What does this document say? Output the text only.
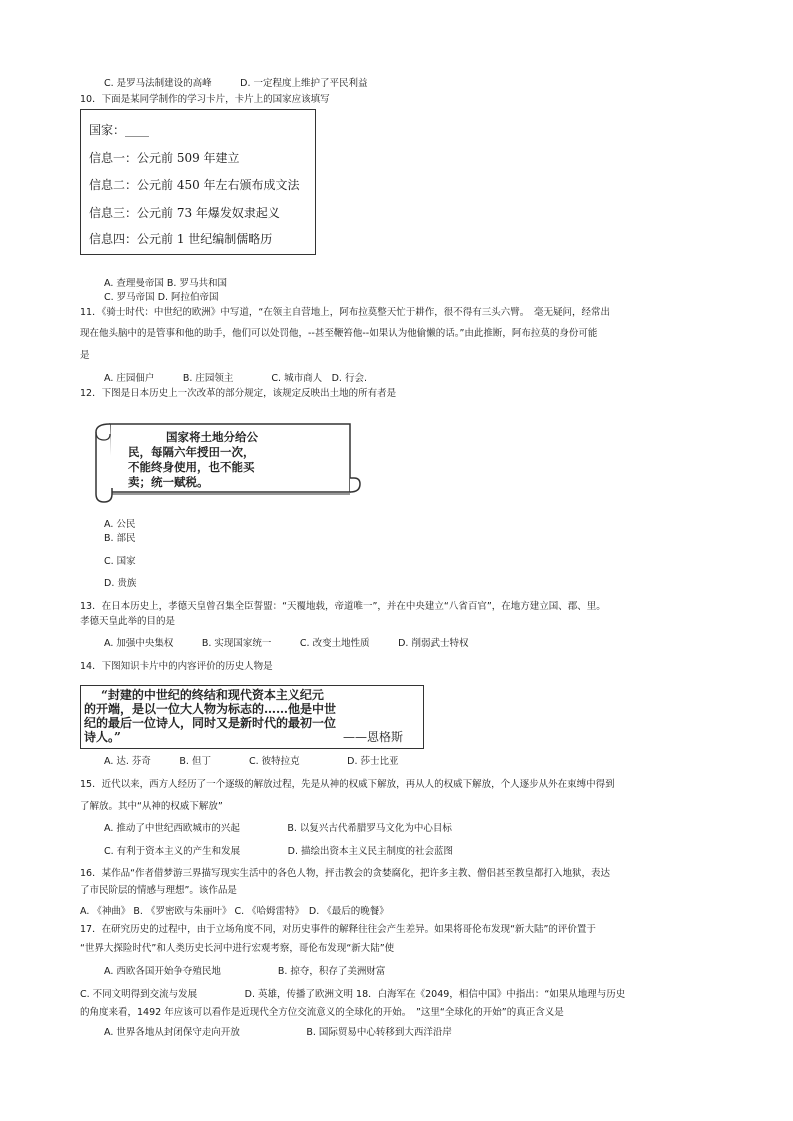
C. 是罗马法制建设的高峰　　　D. 一定程度上维护了平民利益
10．下面是某同学制作的学习卡片，卡片上的国家应该填写
国家：____
信息一：公元前 509 年建立
信息二：公元前 450 年左右颁布成文法
信息三：公元前 73 年爆发奴隶起义
信息四：公元前 1 世纪编制儒略历
A. 查理曼帝国 B. 罗马共和国
C. 罗马帝国 D. 阿拉伯帝国
11．《骑士时代：中世纪的欧洲》中写道，“在领主自营地上，阿布拉莫整天忙于耕作，很不得有三头六臂。　毫无疑问，经常出
现在他头脑中的是管事和他的助手，他们可以处罚他，--甚至鞭笞他--如果认为他偷懒的话。”由此推断，阿布拉莫的身份可能
是
A. 庄园佃户　　　B. 庄园领主　　　　C. 城市商人　D. 行会.
12．下图是日本历史上一次改革的部分规定，该规定反映出土地的所有者是
国家将土地分给公
民，每隔六年授田一次，
不能终身使用，也不能买
卖；统一赋税。
A. 公民
B. 部民
C. 国家
D. 贵族
13．在日本历史上，孝德天皇曾召集全臣誓盟：“天覆地载，帝道唯一”，并在中央建立“八省百官”，在地方建立国、郡、里。
孝德天皇此举的目的是
A. 加强中央集权　　　B. 实现国家统一　　　C. 改变土地性质　　　D. 削弱武士特权
14．下图知识卡片中的内容评价的历史人物是
“封建的中世纪的终结和现代资本主义纪元
的开端，是以一位大人物为标志的……他是中世
纪的最后一位诗人，同时又是新时代的最初一位
诗人。”	——恩格斯
A. 达. 芬奇　　　B. 但丁　　　　C. 彼特拉克　　　　　D. 莎士比亚
15．近代以来，西方人经历了一个逐级的解放过程，先是从神的权威下解放，再从人的权威下解放，个人逐步从外在束缚中得到
了解放。其中“从神的权威下解放”
A. 推动了中世纪西欧城市的兴起　　　　　B. 以复兴古代希腊罗马文化为中心目标
C. 有利于资本主义的产生和发展　　　　　D. 描绘出资本主义民主制度的社会蓝图
16．某作品“作者借梦游三界描写现实生活中的各色人物，抨击教会的贪婪腐化，把许多主教、僧侣甚至教皇都打入地狱，表达
了市民阶层的情感与理想”。该作品是
A. 《神曲》 B. 《罗密欧与朱丽叶》 C. 《哈姆雷特》　D. 《最后的晚餐》
17．在研究历史的过程中，由于立场角度不同，对历史事件的解释往往会产生差异。如果将哥伦布发现“新大陆”的评价置于
“世界大探险时代”和人类历史长河中进行宏观考察，哥伦布发现“新大陆”使
A. 西欧各国开始争夺殖民地　　　　　　B. 掠夺，积存了美洲财富
C. 不同文明得到交流与发展　　　　　D. 英雄，传播了欧洲文明 18．白海军在《2049，相信中国》中指出：“如果从地理与历史
的角度来看，1492 年应该可以看作是近现代全方位交流意义的全球化的开始。　”这里“全球化的开始”的真正含义是
A. 世界各地从封闭保守走向开放　　　　　　　B. 国际贸易中心转移到大西洋沿岸
